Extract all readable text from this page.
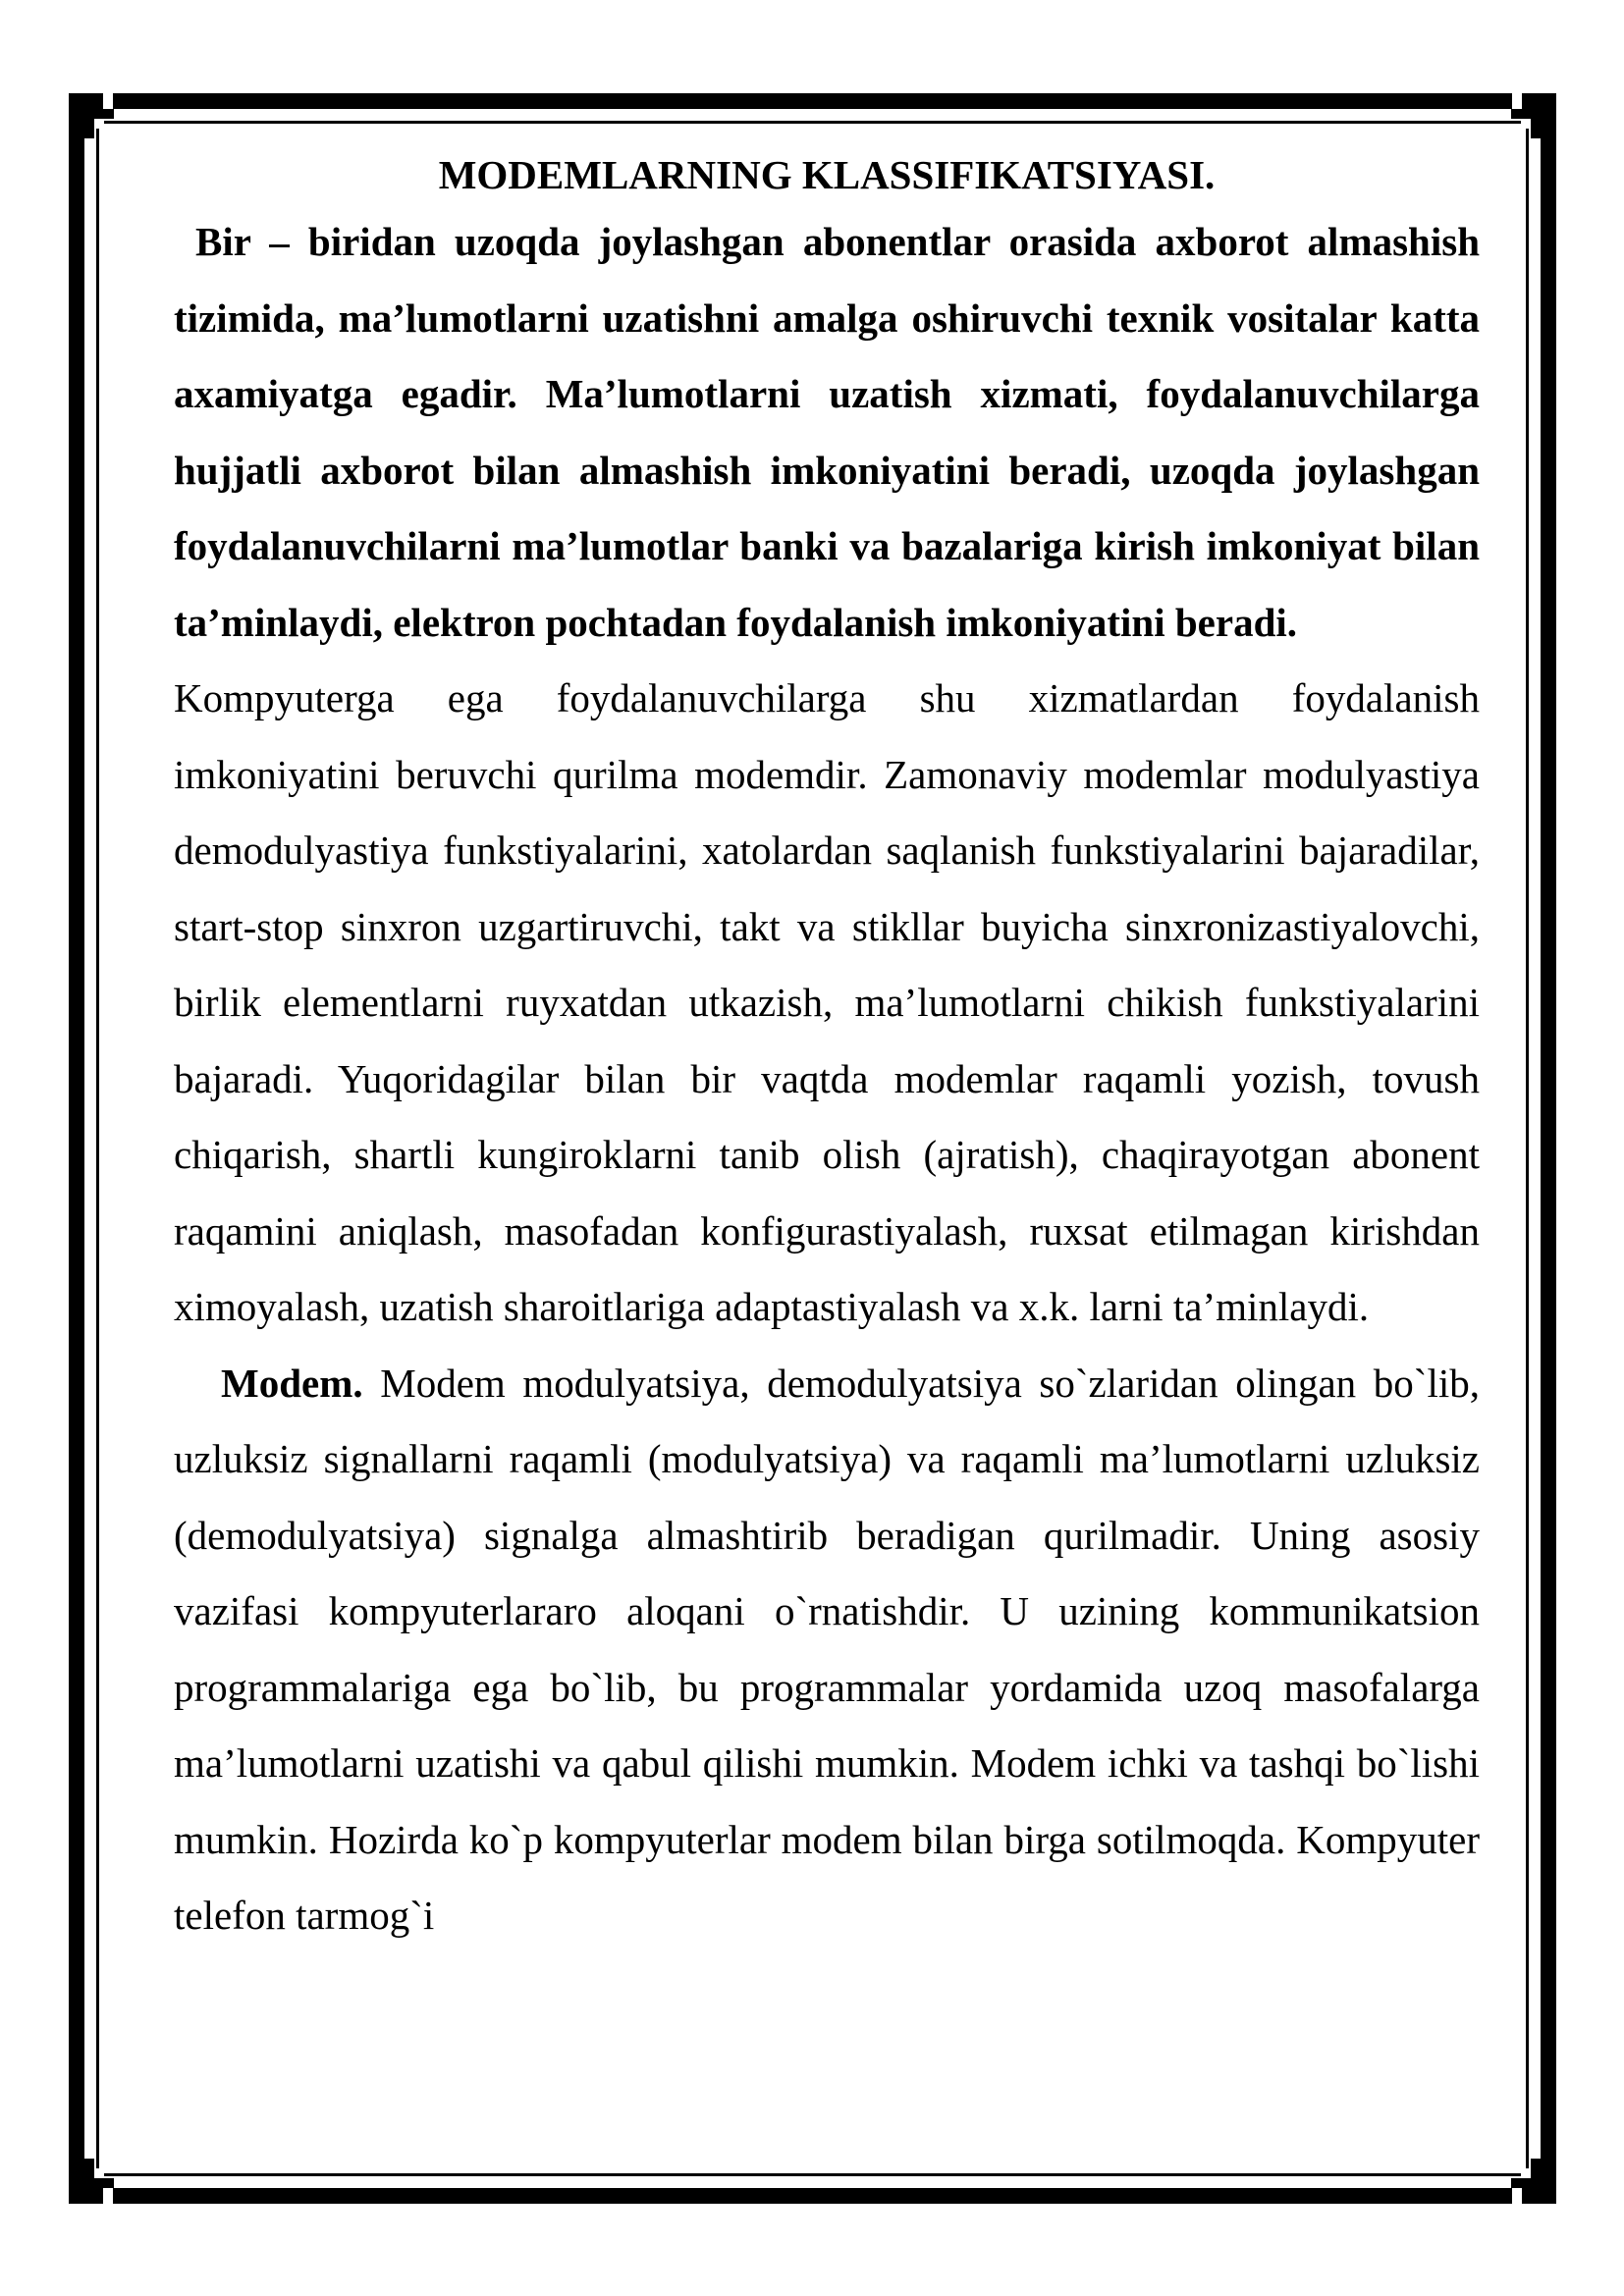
MODEMLARNING KLASSIFIKATSIYASI.

Bir – biridan uzoqda joylashgan abonentlar orasida axborot almashish tizimida, ma’lumotlarni uzatishni amalga oshiruvchi texnik vositalar katta axamiyatga egadir. Ma’lumotlarni uzatish xizmati, foydalanuvchilarga hujjatli axborot bilan almashish imkoniyatini beradi, uzoqda joylashgan foydalanuvchilarni ma’lumotlar banki va bazalariga kirish imkoniyat bilan ta’minlaydi, elektron pochtadan foydalanish imkoniyatini beradi.

Kompyuterga ega foydalanuvchilarga shu xizmatlardan foydalanish imkoniyatini beruvchi qurilma modemdir. Zamonaviy modemlar modulyastiya demodulyastiya funkstiyalarini, xatolardan saqlanish funkstiyalarini bajaradilar, start-stop sinxron uzgartiruvchi, takt va stikllar buyicha sinxronizastiyalovchi, birlik elementlarni ruyxatdan utkazish, ma’lumotlarni chikish funkstiyalarini bajaradi. Yuqoridagilar bilan bir vaqtda modemlar raqamli yozish, tovush chiqarish, shartli kungiroklarni tanib olish (ajratish), chaqirayotgan abonent raqamini aniqlash, masofadan konfigurastiyalash, ruxsat etilmagan kirishdan ximoyalash, uzatish sharoitlariga adaptastiyalash va x.k. larni ta’minlaydi.

Modem. Modem modulyatsiya, demodulyatsiya so`zlaridan olingan bo`lib, uzluksiz signallarni raqamli (modulyatsiya) va raqamli ma’lumotlarni uzluksiz (demodulyatsiya) signalga almashtirib beradigan qurilmadir. Uning asosiy vazifasi kompyuterlararo aloqani o`rnatishdir. U uzining kommunikatsion programmalariga ega bo`lib, bu programmalar yordamida uzoq masofalarga ma’lumotlarni uzatishi va qabul qilishi mumkin. Modem ichki va tashqi bo`lishi mumkin. Hozirda ko`p kompyuterlar modem bilan birga sotilmoqda. Kompyuter telefon tarmog`i
